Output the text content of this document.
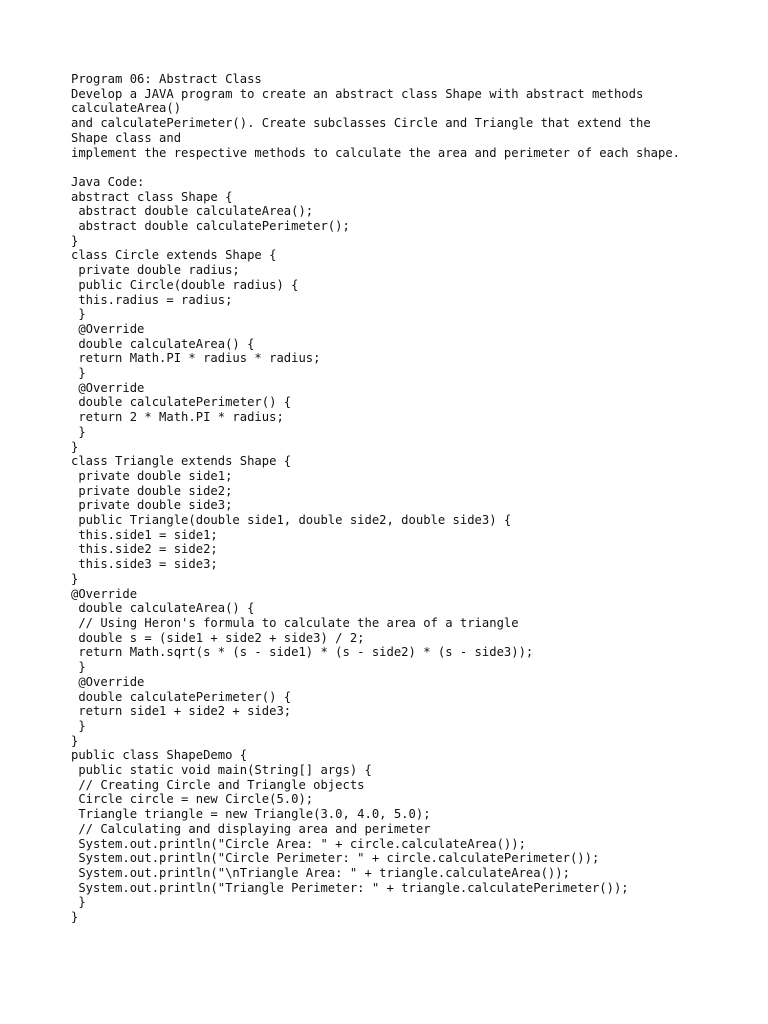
Program 06: Abstract Class
Develop a JAVA program to create an abstract class Shape with abstract methods
calculateArea()
and calculatePerimeter(). Create subclasses Circle and Triangle that extend the
Shape class and
implement the respective methods to calculate the area and perimeter of each shape.
Java Code:
abstract class Shape {
abstract double calculateArea();
abstract double calculatePerimeter();
}
class Circle extends Shape {
private double radius;
public Circle(double radius) {
this.radius = radius;
}
@Override
double calculateArea() {
return Math.PI * radius * radius;
}
@Override
double calculatePerimeter() {
return 2 * Math.PI * radius;
}
}
class Triangle extends Shape {
private double side1;
private double side2;
private double side3;
public Triangle(double side1, double side2, double side3) {
this.side1 = side1;
this.side2 = side2;
this.side3 = side3;
}
@Override
double calculateArea() {
// Using Heron's formula to calculate the area of a triangle
double s = (side1 + side2 + side3) / 2;
return Math.sqrt(s * (s - side1) * (s - side2) * (s - side3));
}
@Override
double calculatePerimeter() {
return side1 + side2 + side3;
}
}
public class ShapeDemo {
public static void main(String[] args) {
// Creating Circle and Triangle objects
Circle circle = new Circle(5.0);
Triangle triangle = new Triangle(3.0, 4.0, 5.0);
// Calculating and displaying area and perimeter
System.out.println("Circle Area: " + circle.calculateArea());
System.out.println("Circle Perimeter: " + circle.calculatePerimeter());
System.out.println("\nTriangle Area: " + triangle.calculateArea());
System.out.println("Triangle Perimeter: " + triangle.calculatePerimeter());
}
}
